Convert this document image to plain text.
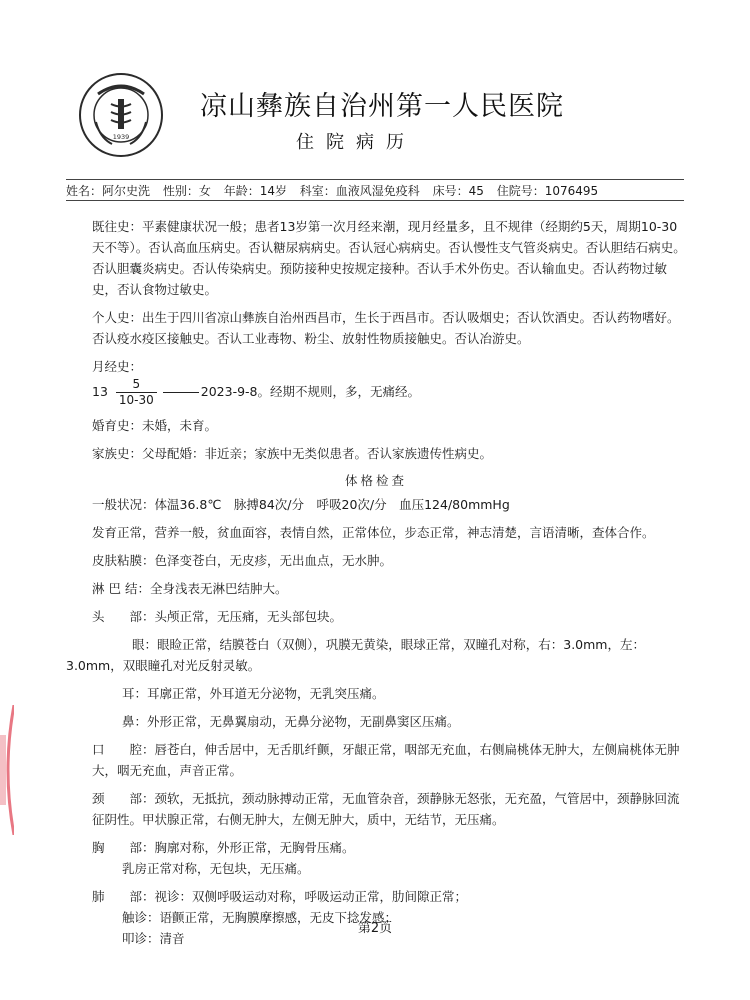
1939
凉山彝族自治州第一人民医院
住院病历
姓名：阿尔史洗 性别：女 年龄：14岁 科室：血液风湿免疫科 床号：45 住院号：1076495

既往史：平素健康状况一般；患者13岁第一次月经来潮，现月经量多，且不规律（经期约5天，周期10-30天不等）。否认高血压病史。否认糖尿病病史。否认冠心病病史。否认慢性支气管炎病史。否认胆结石病史。否认胆囊炎病史。否认传染病史。预防接种史按规定接种。否认手术外伤史。否认输血史。否认药物过敏史，否认食物过敏史。

个人史：出生于四川省凉山彝族自治州西昌市，生长于西昌市。否认吸烟史；否认饮酒史。否认药物嗜好。否认疫水疫区接触史。否认工业毒物、粉尘、放射性物质接触史。否认冶游史。

月经史：
$13 \frac{5}{10-30}$	2023-9-8。经期不规则，多，无痛经。

婚育史：未婚，未育。

家族史：父母配婚：非近亲；家族中无类似患者。否认家族遗传性病史。

体格检查

一般状况：体温36.8℃　脉搏84次/分　呼吸20次/分　血压124/80mmHg

发育正常，营养一般，贫血面容，表情自然，正常体位，步态正常，神志清楚，言语清晰，查体合作。

皮肤粘膜：色泽变苍白，无皮疹，无出血点，无水肿。

淋 巴 结：全身浅表无淋巴结肿大。

头　　部：头颅正常，无压痛，无头部包块。

眼：眼睑正常，结膜苍白（双侧），巩膜无黄染，眼球正常，双瞳孔对称，右：3.0mm，左：3.0mm，双眼瞳孔对光反射灵敏。

耳：耳廓正常，外耳道无分泌物，无乳突压痛。

鼻：外形正常，无鼻翼扇动，无鼻分泌物，无副鼻窦区压痛。

口　　腔：唇苍白，伸舌居中，无舌肌纤颤，牙龈正常，咽部无充血，右侧扁桃体无肿大，左侧扁桃体无肿大，咽无充血，声音正常。

颈　　部：颈软，无抵抗，颈动脉搏动正常，无血管杂音，颈静脉无怒张，无充盈，气管居中，颈静脉回流征阴性。甲状腺正常，右侧无肿大，左侧无肿大，质中，无结节，无压痛。

胸　　部：胸廓对称，外形正常，无胸骨压痛。

乳房正常对称，无包块，无压痛。

肺　　部：视诊：双侧呼吸运动对称，呼吸运动正常，肋间隙正常；

触诊：语颤正常，无胸膜摩擦感，无皮下捻发感；

叩诊：清音

第2页
